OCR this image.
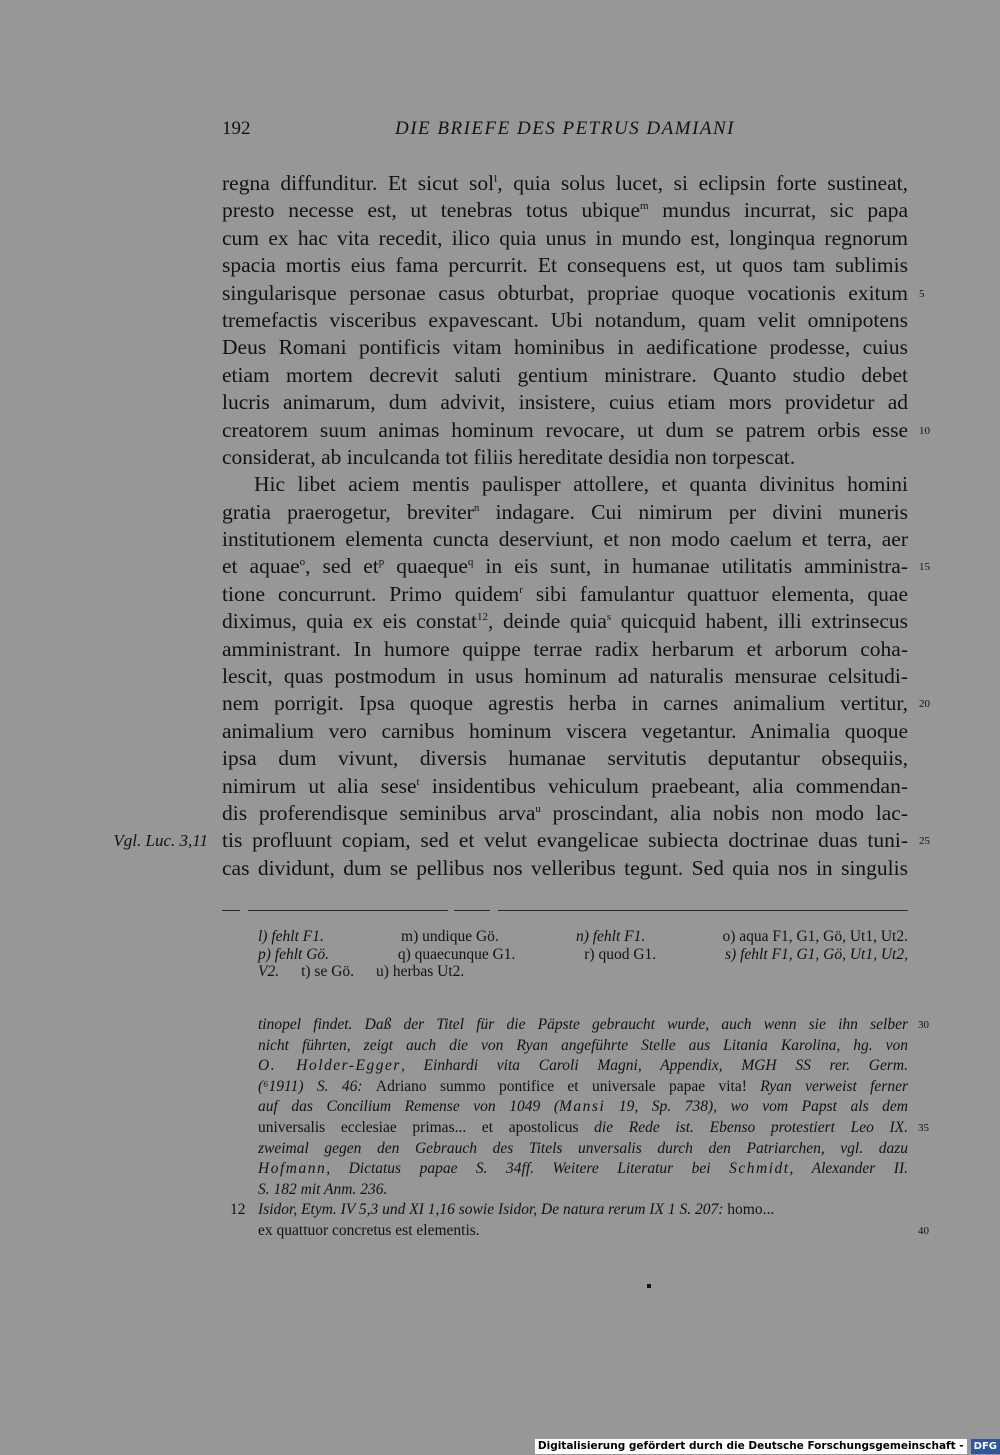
192	DIE BRIEFE DES PETRUS DAMIANI
regna diffunditur. Et sicut sol$^l$, quia solus lucet, si eclipsin forte sustineat,
presto necesse est, ut tenebras totus ubique$^m$ mundus incurrat, sic papa
cum ex hac vita recedit, ilico quia unus in mundo est, longinqua regnorum
spacia mortis eius fama percurrit. Et consequens est, ut quos tam sublimis
singularisque personae casus obturbat, propriae quoque vocationis exitum 5
tremefactis visceribus expavescant. Ubi notandum, quam velit omnipotens
Deus Romani pontificis vitam hominibus in aedificatione prodesse, cuius
etiam mortem decrevit saluti gentium ministrare. Quanto studio debet
lucris animarum, dum advivit, insistere, cuius etiam mors providetur ad
creatorem suum animas hominum revocare, ut dum se patrem orbis esse 10
considerat, ab inculcanda tot filiis hereditate desidia non torpescat.
Hic libet aciem mentis paulisper attollere, et quanta divinitus homini
gratia praerogetur, breviter$^n$ indagare. Cui nimirum per divini muneris
institutionem elementa cuncta deserviunt, et non modo caelum et terra, aer
et aquae$^o$, sed $et^p$ quaeque$^q$ in eis sunt, in humanae utilitatis amministra- 15
tione concurrunt. Primo quidem$^r$ sibi famulantur quattuor elementa, quae
diximus, quia ex eis constat$^{12}$, deinde quia$^s$ quicquid habent, illi extrinsecus
amministrant. In humore quippe terrae radix herbarum et arborum coha-
lescit, quas postmodum in usus hominum ad naturalis mensurae celsitudi-
nem porrigit. Ipsa quoque agrestis herba in carnes animalium vertitur, 20
animalium vero carnibus hominum viscera vegetantur. Animalia quoque
ipsa dum vivunt, diversis humanae servitutis deputantur obsequiis,
nimirum ut alia sese$^t$ insidentibus vehiculum praebeant, alia commendan-
dis proferendisque seminibus arva$^u$ proscindant, alia nobis non modo lac-
tis profluunt copiam, sed et velut evangelicae subiecta doctrinae duas tuni- 25
Vgl. Luc. 3,11
cas dividunt, dum se pellibus nos velleribus tegunt. Sed quia nos in singulis
l) fehlt F1.	m) undique Gö.	n) fehlt F1.	o) aqua F1, G1, Gö, Ut1, Ut2.
p) fehlt Gö.	q) quaecunque G1.	r) quod G1.	s) fehlt F1, G1, Gö, Ut1, Ut2,
V2. t) se Gö. u) herbas Ut2.
tinopel findet. Daß der Titel für die Päpste gebraucht wurde, auch wenn sie ihn selber 30
nicht führten, zeigt auch die von Ryan angeführte Stelle aus Litania Karolina, hg. von
O. Holder-Egger, Einhardi vita Caroli Magni, Appendix, MGH SS rer. Germ.
(⁶1911) S. 46: Adriano summo pontifice et universale papae vita! Ryan verweist ferner
auf das Concilium Remense von 1049 (Mansi 19, Sp. 738), wo vom Papst als dem
universalis ecclesiae primas... et apostolicus die Rede ist. Ebenso protestiert Leo IX. 35
zweimal gegen den Gebrauch des Titels unversalis durch den Patriarchen, vgl. dazu
Hofmann, Dictatus papae S. 34ff. Weitere Literatur bei Schmidt, Alexander II.
S. 182 mit Anm. 236.
12 Isidor, Etym. IV 5,3 und XI 1,16 sowie Isidor, De natura rerum IX 1 S. 207: homo...
ex quattuor concretus est elementis.	40
Digitalisierung gefördert durch die Deutsche Forschungsgemeinschaft -	DFG
